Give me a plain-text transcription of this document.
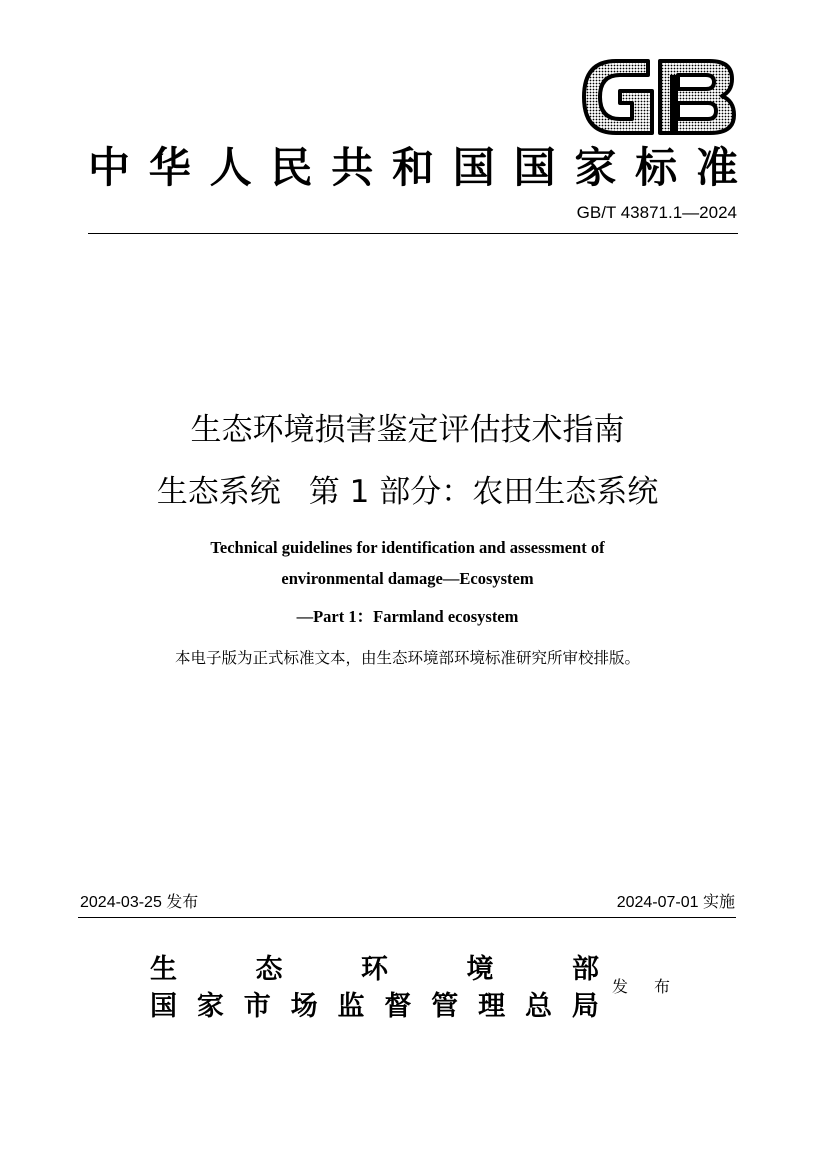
中 华 人 民 共 和 国 国 家 标 准
GB/T 43871.1—2024
生态环境损害鉴定评估技术指南
生态系统 第 1 部分：农田生态系统
Technical guidelines for identification and assessment of
environmental damage—Ecosystem
—Part 1：Farmland ecosystem
本电子版为正式标准文本，由生态环境部环境标准研究所审校排版。
2024-03-25 发布	2024-07-01 实施
生	态	环	境	部
国 家 市 场 监 督 管 理 总 局
发 布
